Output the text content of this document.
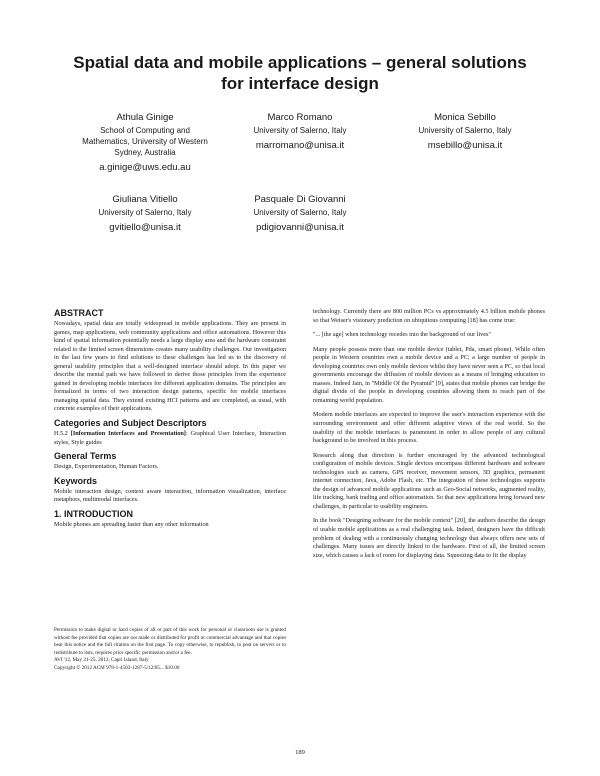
Spatial data and mobile applications – general solutions
for interface design
Athula Ginige
School of Computing and
Mathematics, University of Western
Sydney, Australia
a.ginige@uws.edu.au
Marco Romano
University of Salerno, Italy
marromano@unisa.it
Monica Sebillo
University of Salerno, Italy
msebillo@unisa.it
Giuliana Vitiello
University of Salerno, Italy
gvitiello@unisa.it
Pasquale Di Giovanni
University of Salerno, Italy
pdigiovanni@unisa.it
ABSTRACT

Nowadays, spatial data are totally widespread in mobile applications. They are present in games, map applications, web community applications and office automations. However this kind of spatial information potentially needs a large display area and the hardware constraint related to the limited screen dimensions creates many usability challenges. Our investigation in the last few years to find solutions to these challenges has led us to the discovery of general usability principles that a well-designed interface should adopt. In this paper we describe the mental path we have followed to derive those principles from the experience gained in developing mobile interfaces for different application domains. The principles are formalized in terms of two interaction design patterns, specific for mobile interfaces managing spatial data. They extend existing HCI patterns and are completed, as usual, with concrete examples of their applications.

Categories and Subject Descriptors

H.5.2 [Information Interfaces and Presentation]: Graphical User Interface, Interaction styles, Style guides

General Terms

Design, Experimentation, Human Factors.

Keywords

Mobile interaction design, context aware interaction, information visualization, interface metaphors, multimodal interfaces.

1. INTRODUCTION

Mobile phones are spreading faster than any other information

Permission to make digital or hard copies of all or part of this work for personal or classroom use is granted without fee provided that copies are not made or distributed for profit or commercial advantage and that copies bear this notice and the full citation on the first page. To copy otherwise, to republish, to post on servers or to redistribute to lists, requires prior specific permission and/or a fee.

AVI '12, May 21-25, 2012, Capri Island, Italy

Copyright © 2012 ACM 978-1-4503-1287-5/12/05... $10.00

technology. Currently there are 800 million PCs vs approximately 4.5 billion mobile phones so that Weiser's visionary prediction on ubiquitous computing [18] has come true:

"... [the age] when technology recedes into the background of our lives"

Many people possess more than one mobile device (tablet, Pda, smart phone). While often people in Western countries own a mobile device and a PC; a large number of people in developing countries own only mobile devices whilst they have never seen a PC, so that local governments encourage the diffusion of mobile devices as a means of bringing education to masses. Indeed Jain, in "Middle Of the Pyramid" [9], states that mobile phones can bridge the digital divide of the people in developing countries allowing them to reach part of the remaining world population.

Modern mobile interfaces are expected to improve the user's interaction experience with the surrounding environment and offer different adaptive views of the real world. So the usability of the mobile interfaces is paramount in order to allow people of any cultural background to be involved in this process.

Research along that direction is further encouraged by the advanced technological configuration of mobile devices. Single devices encompass different hardware and software technologies such as camera, GPS receiver, movement sensors, 3D graphics, permanent internet connection, Java, Adobe Flash, etc. The integration of these technologies supports the design of advanced mobile applications such as Geo-Social networks, augmented reality, life tracking, bank trading and office automation. So that new applications bring forward new challenges, in particular to usability engineers.

In the book "Designing software for the mobile context" [20], the authors describe the design of usable mobile applications as a real challenging task. Indeed, designers have the difficult problem of dealing with a continuously changing technology that always offers new sets of challenges. Many issues are directly linked to the hardware. First of all, the limited screen size, which causes a lack of room for displaying data. Squeezing data to fit the display

189
